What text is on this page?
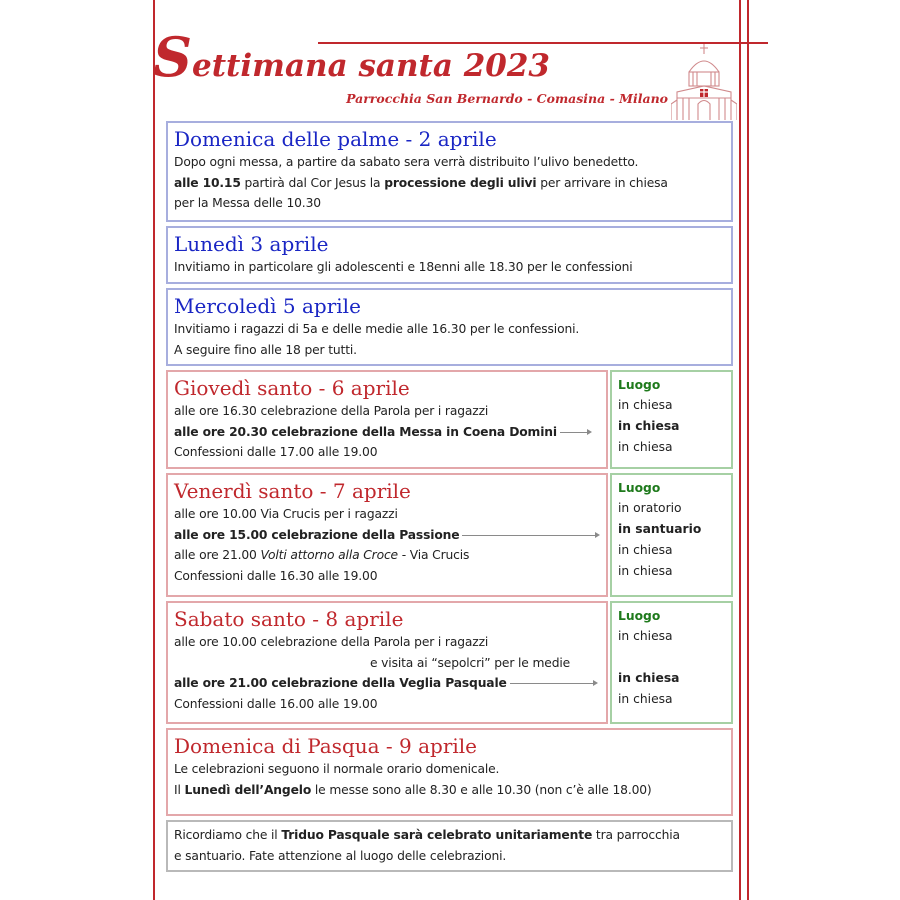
Settimana santa 2023
Parrocchia San Bernardo - Comasina - Milano
Domenica delle palme - 2 aprile
Dopo ogni messa, a partire da sabato sera verrà distribuito l’ulivo benedetto.
alle 10.15 partirà dal Cor Jesus la processione degli ulivi per arrivare in chiesa
per la Messa delle 10.30
Lunedì 3 aprile
Invitiamo in particolare gli adolescenti e 18enni alle 18.30 per le confessioni
Mercoledì 5 aprile
Invitiamo i ragazzi di 5a e delle medie alle 16.30 per le confessioni.
A seguire fino alle 18 per tutti.
Giovedì santo - 6 aprile
alle ore 16.30 celebrazione della Parola per i ragazzi
alle ore 20.30 celebrazione della Messa in Coena Domini
Confessioni dalle 17.00 alle 19.00
Luogo
in chiesa
in chiesa
in chiesa
Venerdì santo - 7 aprile
alle ore 10.00 Via Crucis per i ragazzi
alle ore 15.00 celebrazione della Passione
alle ore 21.00 Volti attorno alla Croce - Via Crucis
Confessioni dalle 16.30 alle 19.00
Luogo
in oratorio
in santuario
in chiesa
in chiesa
Sabato santo - 8 aprile
alle ore 10.00 celebrazione della Parola per i ragazzi
e visita ai “sepolcri” per le medie
alle ore 21.00 celebrazione della Veglia Pasquale
Confessioni dalle 16.00 alle 19.00
Luogo
in chiesa
in chiesa
in chiesa
Domenica di Pasqua - 9 aprile
Le celebrazioni seguono il normale orario domenicale.
Il Lunedì dell’Angelo le messe sono alle 8.30 e alle 10.30 (non c’è alle 18.00)
Ricordiamo che il Triduo Pasquale sarà celebrato unitariamente tra parrocchia
e santuario. Fate attenzione al luogo delle celebrazioni.
